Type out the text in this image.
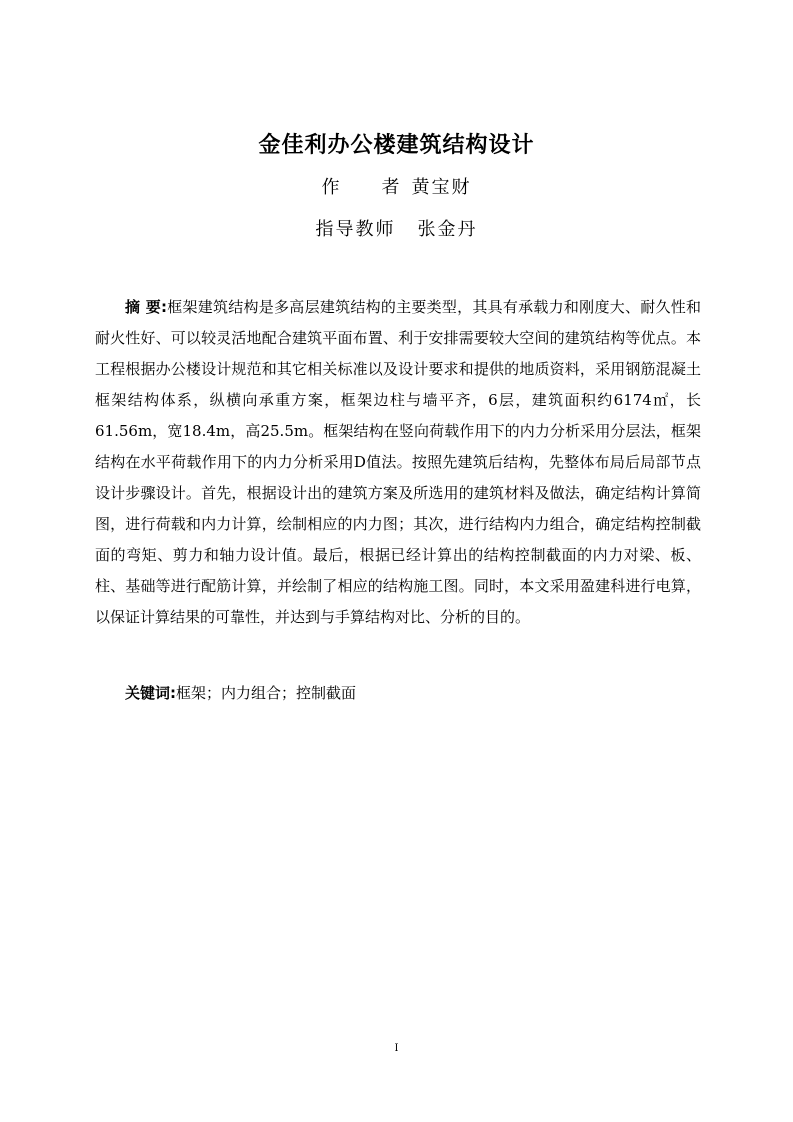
金佳利办公楼建筑结构设计
作者 黄宝财
指导教师 张金丹

摘 要:框架建筑结构是多高层建筑结构的主要类型，其具有承载力和刚度大、耐久性和耐火性好、可以较灵活地配合建筑平面布置、利于安排需要较大空间的建筑结构等优点。本工程根据办公楼设计规范和其它相关标准以及设计要求和提供的地质资料，采用钢筋混凝土框架结构体系，纵横向承重方案，框架边柱与墙平齐，6层，建筑面积约6174㎡，长61.56m，宽18.4m，高25.5m。框架结构在竖向荷载作用下的内力分析采用分层法，框架结构在水平荷载作用下的内力分析采用D值法。按照先建筑后结构，先整体布局后局部节点设计步骤设计。首先，根据设计出的建筑方案及所选用的建筑材料及做法，确定结构计算简图，进行荷载和内力计算，绘制相应的内力图；其次，进行结构内力组合，确定结构控制截面的弯矩、剪力和轴力设计值。最后，根据已经计算出的结构控制截面的内力对梁、板、柱、基础等进行配筋计算，并绘制了相应的结构施工图。同时，本文采用盈建科进行电算，以保证计算结果的可靠性，并达到与手算结构对比、分析的目的。

关键词:框架；内力组合；控制截面

I
